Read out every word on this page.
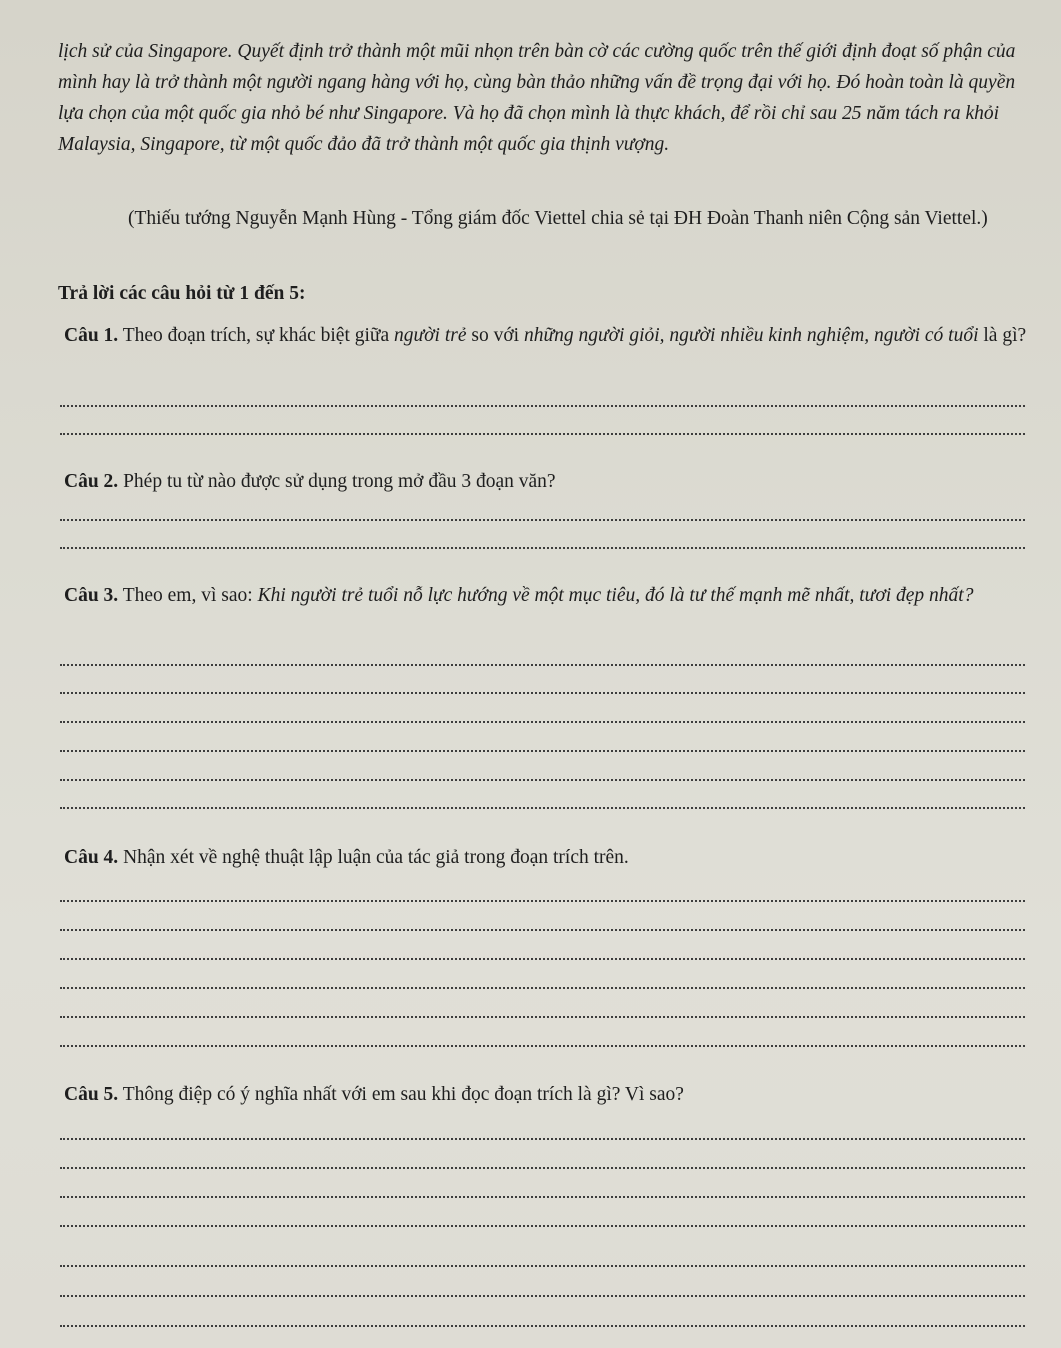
lịch sử của Singapore. Quyết định trở thành một mũi nhọn trên bàn cờ các cường quốc trên thế giới định đoạt số phận của mình hay là trở thành một người ngang hàng với họ, cùng bàn thảo những vấn đề trọng đại với họ. Đó hoàn toàn là quyền lựa chọn của một quốc gia nhỏ bé như Singapore. Và họ đã chọn mình là thực khách, để rồi chỉ sau 25 năm tách ra khỏi Malaysia, Singapore, từ một quốc đảo đã trở thành một quốc gia thịnh vượng.

(Thiếu tướng Nguyễn Mạnh Hùng - Tổng giám đốc Viettel chia sẻ tại ĐH Đoàn Thanh niên Cộng sản Viettel.)

Trả lời các câu hỏi từ 1 đến 5:

Câu 1. Theo đoạn trích, sự khác biệt giữa người trẻ so với những người giỏi, người nhiều kinh nghiệm, người có tuổi là gì?

Câu 2. Phép tu từ nào được sử dụng trong mở đầu 3 đoạn văn?

Câu 3. Theo em, vì sao: Khi người trẻ tuổi nỗ lực hướng về một mục tiêu, đó là tư thế mạnh mẽ nhất, tươi đẹp nhất?

Câu 4. Nhận xét về nghệ thuật lập luận của tác giả trong đoạn trích trên.

Câu 5. Thông điệp có ý nghĩa nhất với em sau khi đọc đoạn trích là gì? Vì sao?
